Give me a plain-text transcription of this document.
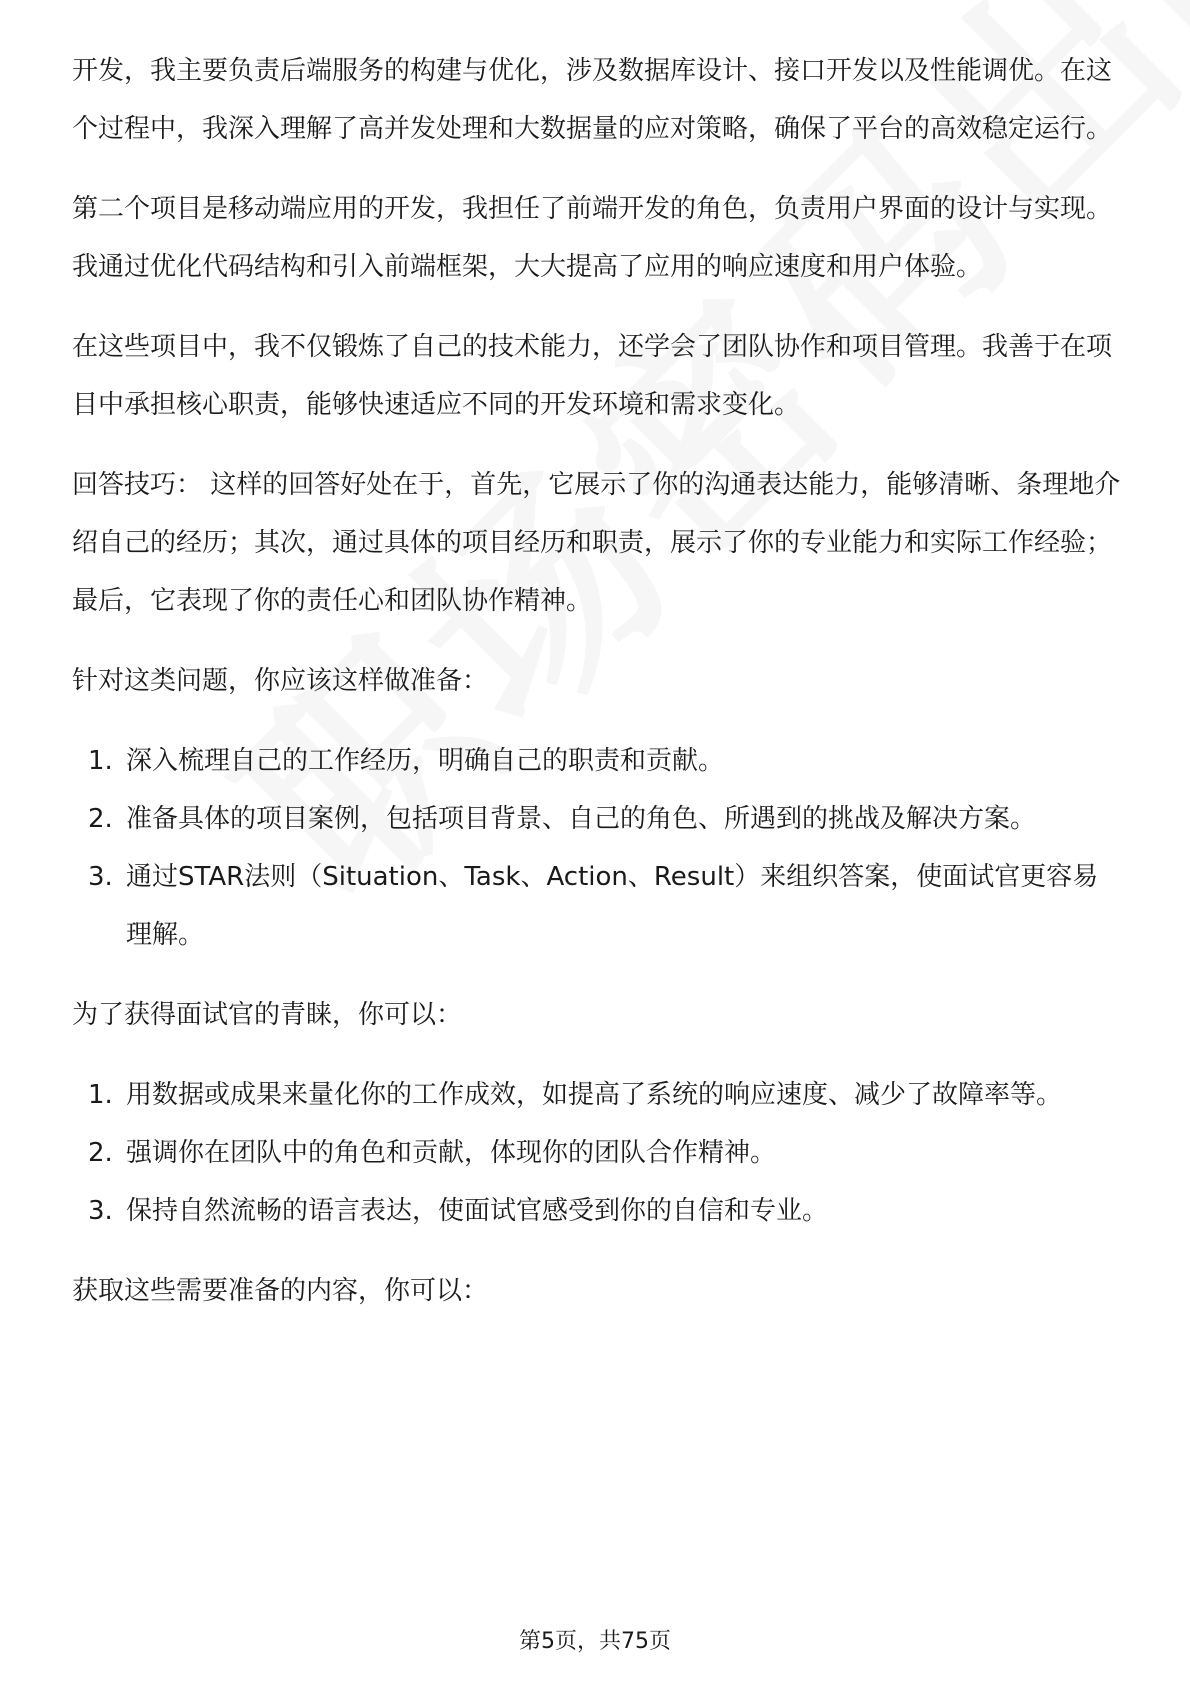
开发，我主要负责后端服务的构建与优化，涉及数据库设计、接口开发以及性能调优。在这个过程中，我深入理解了高并发处理和大数据量的应对策略，确保了平台的高效稳定运行。

第二个项目是移动端应用的开发，我担任了前端开发的角色，负责用户界面的设计与实现。我通过优化代码结构和引入前端框架，大大提高了应用的响应速度和用户体验。

在这些项目中，我不仅锻炼了自己的技术能力，还学会了团队协作和项目管理。我善于在项目中承担核心职责，能够快速适应不同的开发环境和需求变化。

回答技巧： 这样的回答好处在于，首先，它展示了你的沟通表达能力，能够清晰、条理地介绍自己的经历；其次，通过具体的项目经历和职责，展示了你的专业能力和实际工作经验；最后，它表现了你的责任心和团队协作精神。

针对这类问题，你应该这样做准备：

1. 深入梳理自己的工作经历，明确自己的职责和贡献。
2. 准备具体的项目案例，包括项目背景、自己的角色、所遇到的挑战及解决方案。
3. 通过STAR法则（Situation、Task、Action、Result）来组织答案，使面试官更容易理解。

为了获得面试官的青睐，你可以：

1. 用数据或成果来量化你的工作成效，如提高了系统的响应速度、减少了故障率等。
2. 强调你在团队中的角色和贡献，体现你的团队合作精神。
3. 保持自然流畅的语言表达，使面试官感受到你的自信和专业。

获取这些需要准备的内容，你可以：

第5页，共75页
